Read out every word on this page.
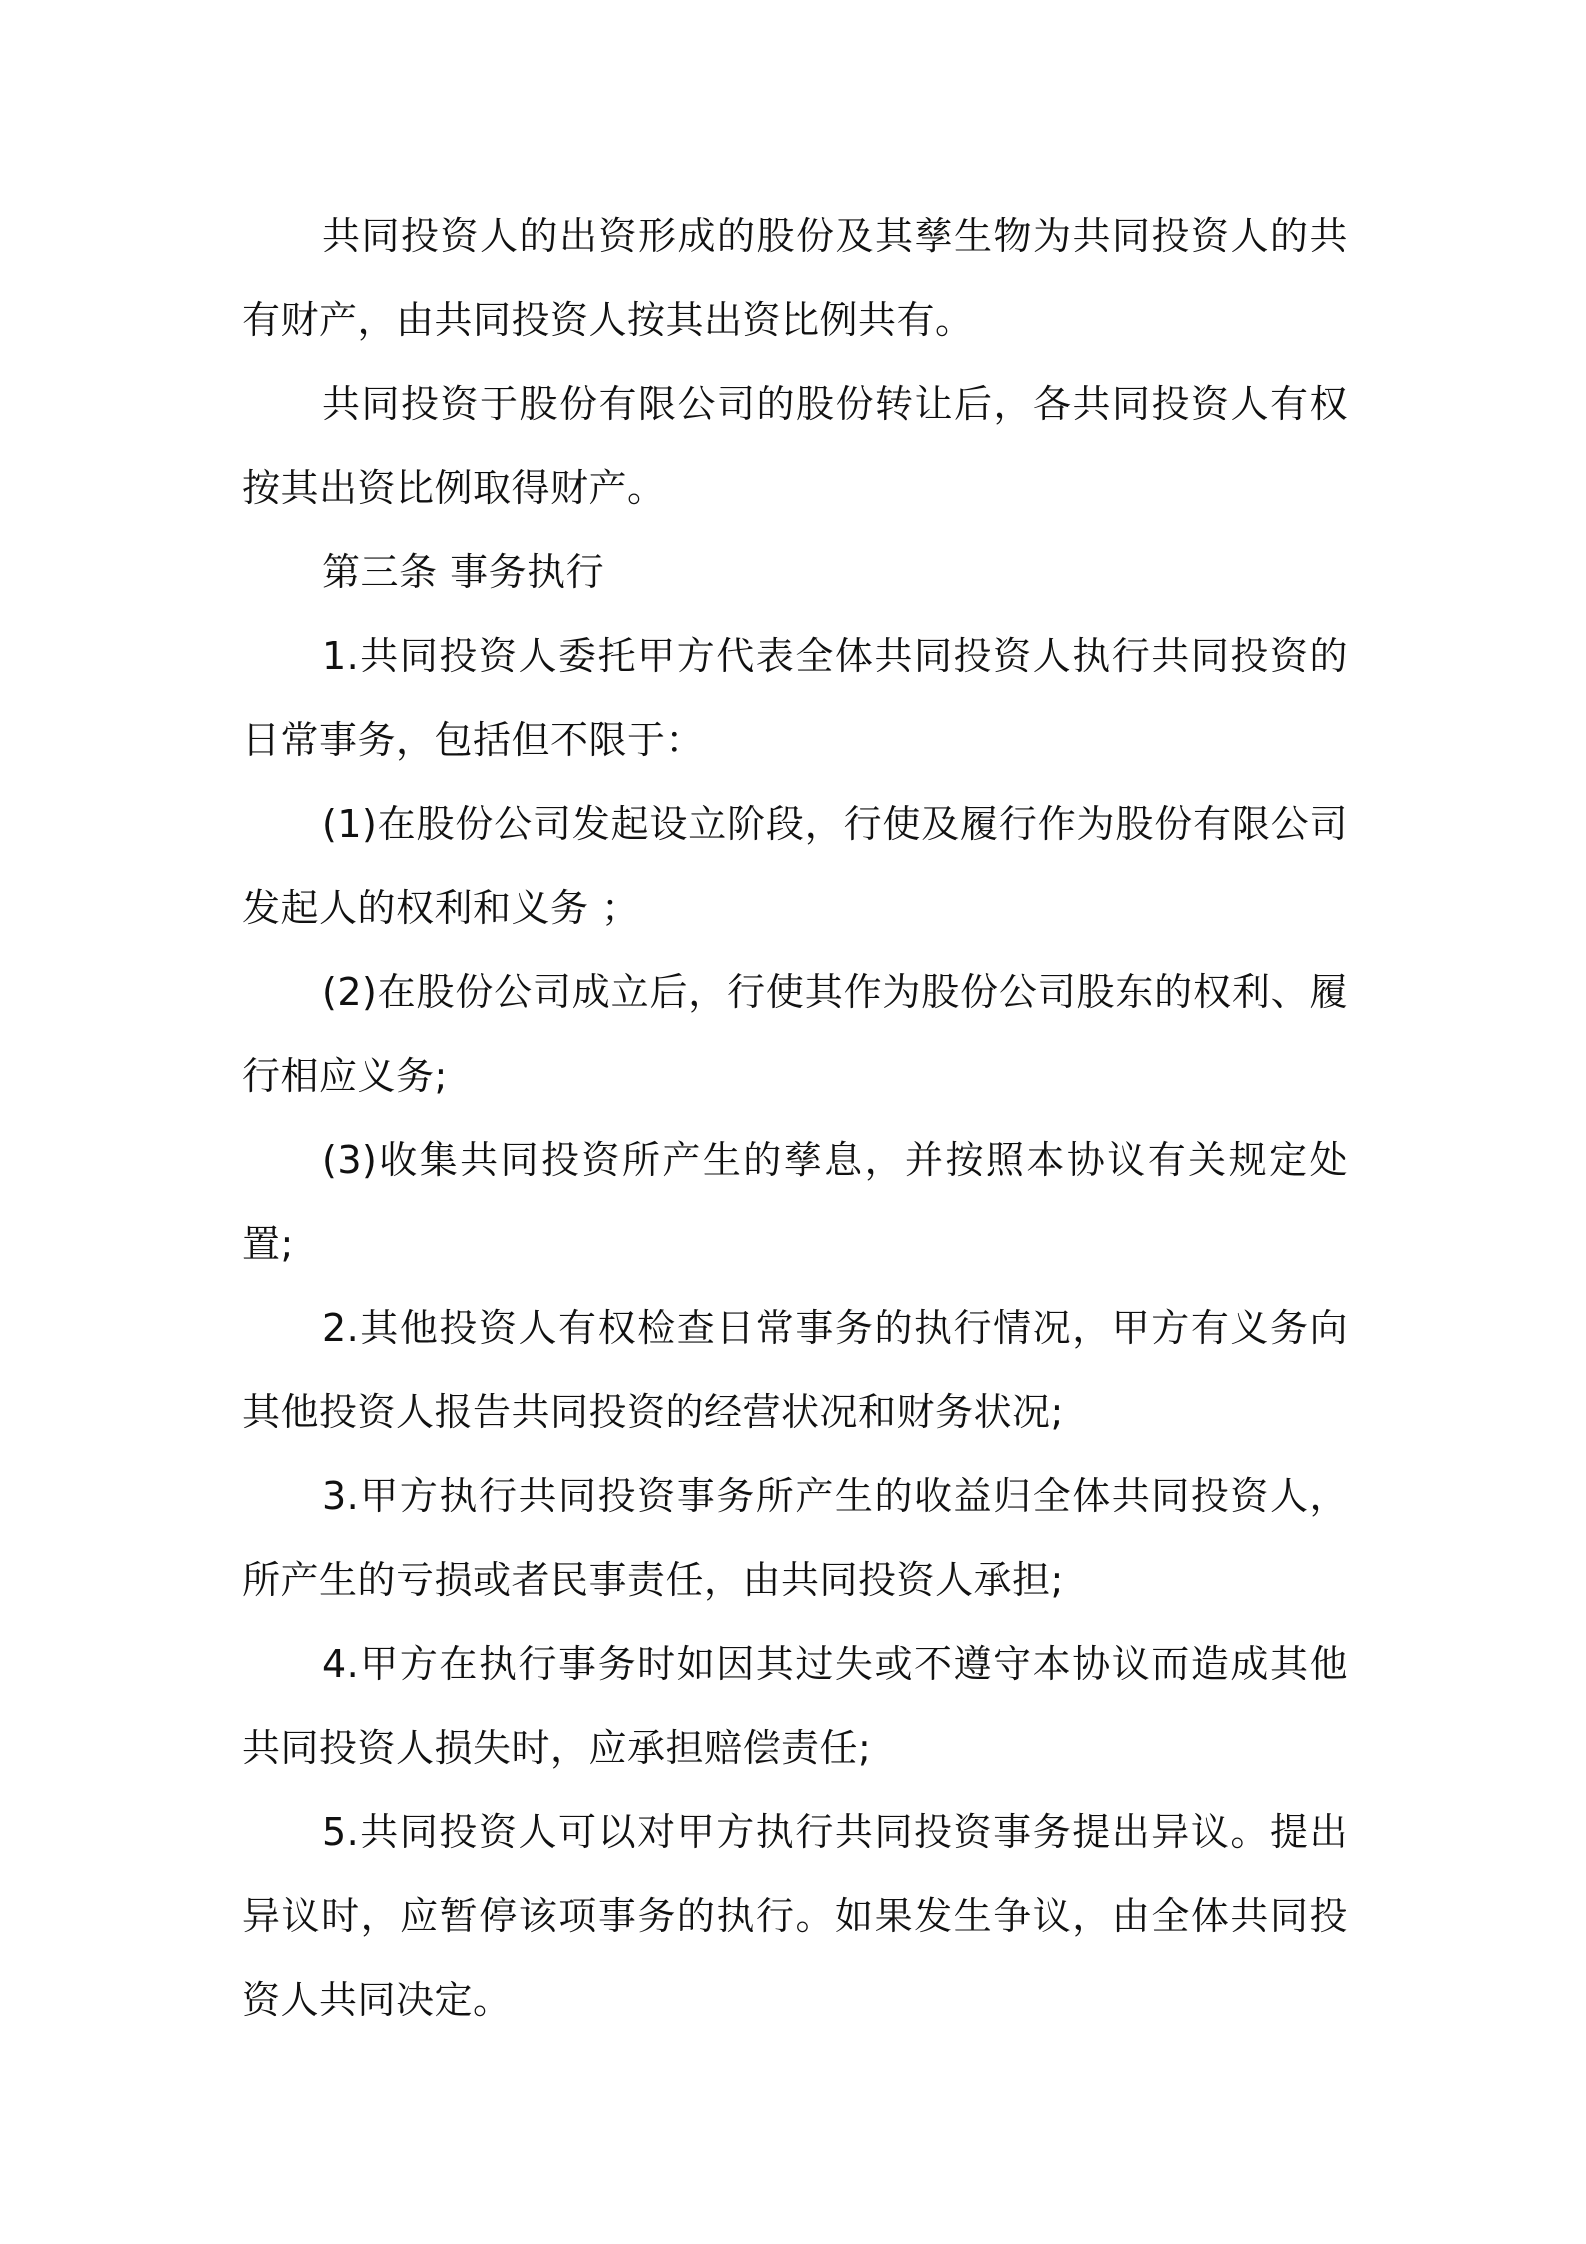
共同投资人的出资形成的股份及其孳生物为共同投资人的共有财产，由共同投资人按其出资比例共有。

共同投资于股份有限公司的股份转让后，各共同投资人有权按其出资比例取得财产。

第三条 事务执行

1.共同投资人委托甲方代表全体共同投资人执行共同投资的日常事务，包括但不限于：

(1)在股份公司发起设立阶段，行使及履行作为股份有限公司发起人的权利和义务 ；

(2)在股份公司成立后，行使其作为股份公司股东的权利、履行相应义务;

(3)收集共同投资所产生的孳息，并按照本协议有关规定处置;

2.其他投资人有权检查日常事务的执行情况，甲方有义务向其他投资人报告共同投资的经营状况和财务状况;

3.甲方执行共同投资事务所产生的收益归全体共同投资人，所产生的亏损或者民事责任，由共同投资人承担;

4.甲方在执行事务时如因其过失或不遵守本协议而造成其他共同投资人损失时，应承担赔偿责任;

5.共同投资人可以对甲方执行共同投资事务提出异议。提出异议时，应暂停该项事务的执行。如果发生争议，由全体共同投资人共同决定。
